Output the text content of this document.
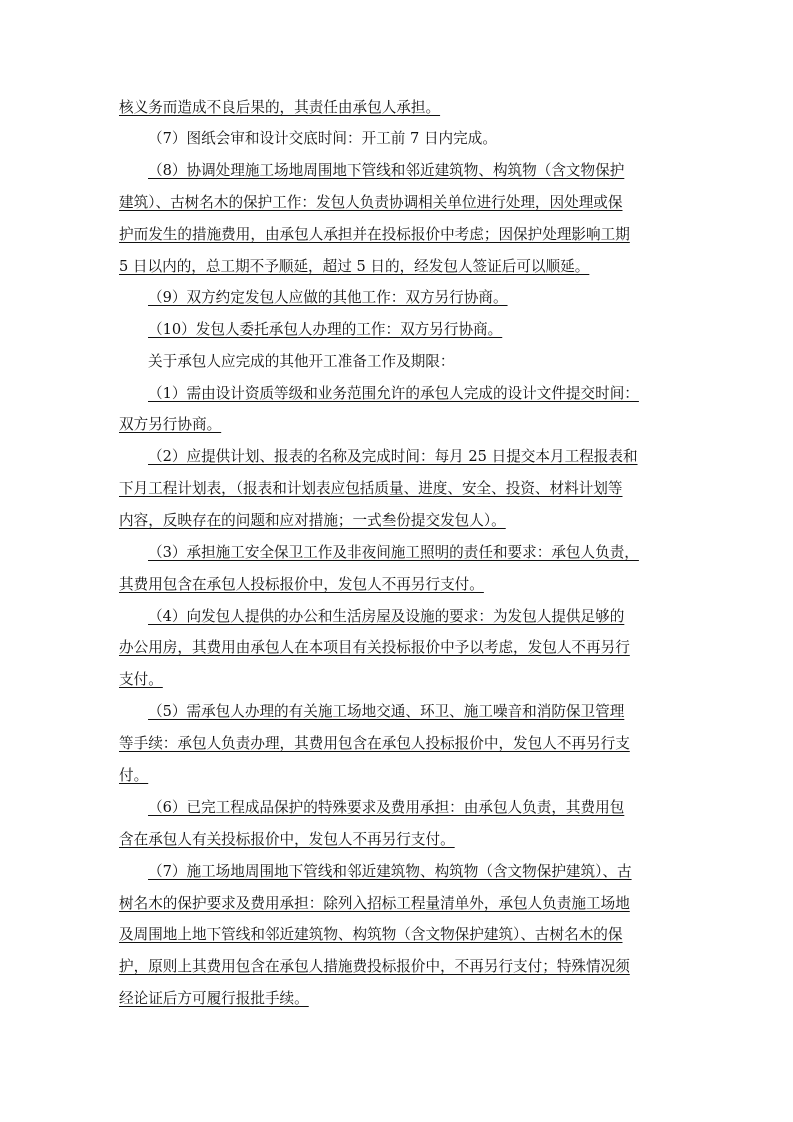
核义务而造成不良后果的，其责任由承包人承担。
（7）图纸会审和设计交底时间：开工前 7 日内完成。
（8）协调处理施工场地周围地下管线和邻近建筑物、构筑物（含文物保护
建筑）、古树名木的保护工作：发包人负责协调相关单位进行处理，因处理或保
护而发生的措施费用，由承包人承担并在投标报价中考虑；因保护处理影响工期
5 日以内的，总工期不予顺延，超过 5 日的，经发包人签证后可以顺延。
（9）双方约定发包人应做的其他工作：双方另行协商。
（10）发包人委托承包人办理的工作：双方另行协商。
关于承包人应完成的其他开工准备工作及期限：
（1）需由设计资质等级和业务范围允许的承包人完成的设计文件提交时间：
双方另行协商。
（2）应提供计划、报表的名称及完成时间：每月 25 日提交本月工程报表和
下月工程计划表，（报表和计划表应包括质量、进度、安全、投资、材料计划等
内容，反映存在的问题和应对措施；一式叁份提交发包人）。
（3）承担施工安全保卫工作及非夜间施工照明的责任和要求：承包人负责，
其费用包含在承包人投标报价中，发包人不再另行支付。
（4）向发包人提供的办公和生活房屋及设施的要求：为发包人提供足够的
办公用房，其费用由承包人在本项目有关投标报价中予以考虑，发包人不再另行
支付。
（5）需承包人办理的有关施工场地交通、环卫、施工噪音和消防保卫管理
等手续：承包人负责办理，其费用包含在承包人投标报价中，发包人不再另行支
付。
（6）已完工程成品保护的特殊要求及费用承担：由承包人负责，其费用包
含在承包人有关投标报价中，发包人不再另行支付。
（7）施工场地周围地下管线和邻近建筑物、构筑物（含文物保护建筑）、古
树名木的保护要求及费用承担：除列入招标工程量清单外，承包人负责施工场地
及周围地上地下管线和邻近建筑物、构筑物（含文物保护建筑）、古树名木的保
护，原则上其费用包含在承包人措施费投标报价中，不再另行支付；特殊情况须
经论证后方可履行报批手续。
